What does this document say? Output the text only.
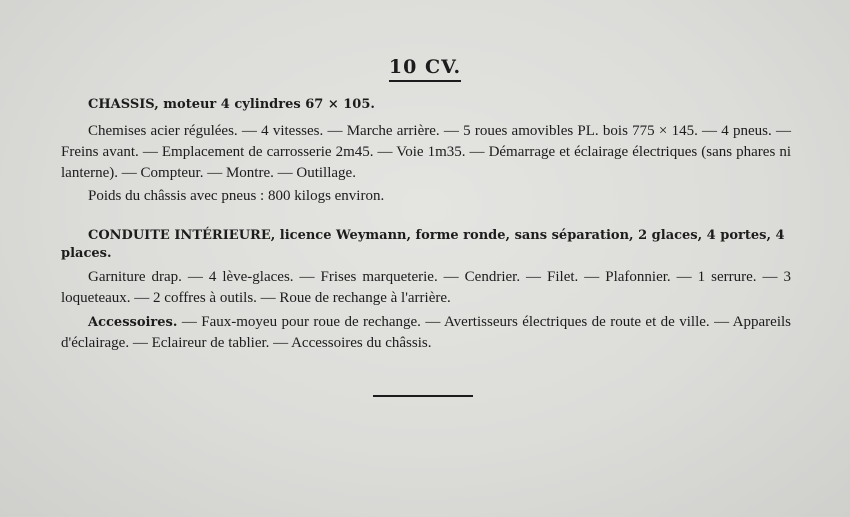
10 CV.
CHASSIS, moteur 4 cylindres 67 × 105.
Chemises acier régulées. — 4 vitesses. — Marche arrière. — 5 roues amovibles PL. bois 775 × 145. — 4 pneus. — Freins avant. — Emplacement de carrosserie 2m45. — Voie 1m35. — Démarrage et éclairage électriques (sans phares ni lanterne). — Compteur. — Montre. — Outillage.
Poids du châssis avec pneus : 800 kilogs environ.
CONDUITE INTÉRIEURE, licence Weymann, forme ronde, sans séparation, 2 glaces, 4 portes, 4 places.
Garniture drap. — 4 lève-glaces. — Frises marqueterie. — Cendrier. — Filet. — Plafonnier. — 1 serrure. — 3 loqueteaux. — 2 coffres à outils. — Roue de rechange à l'arrière.
Accessoires. — Faux-moyeu pour roue de rechange. — Avertisseurs électriques de route et de ville. — Appareils d'éclairage. — Eclaireur de tablier. — Accessoires du châssis.
